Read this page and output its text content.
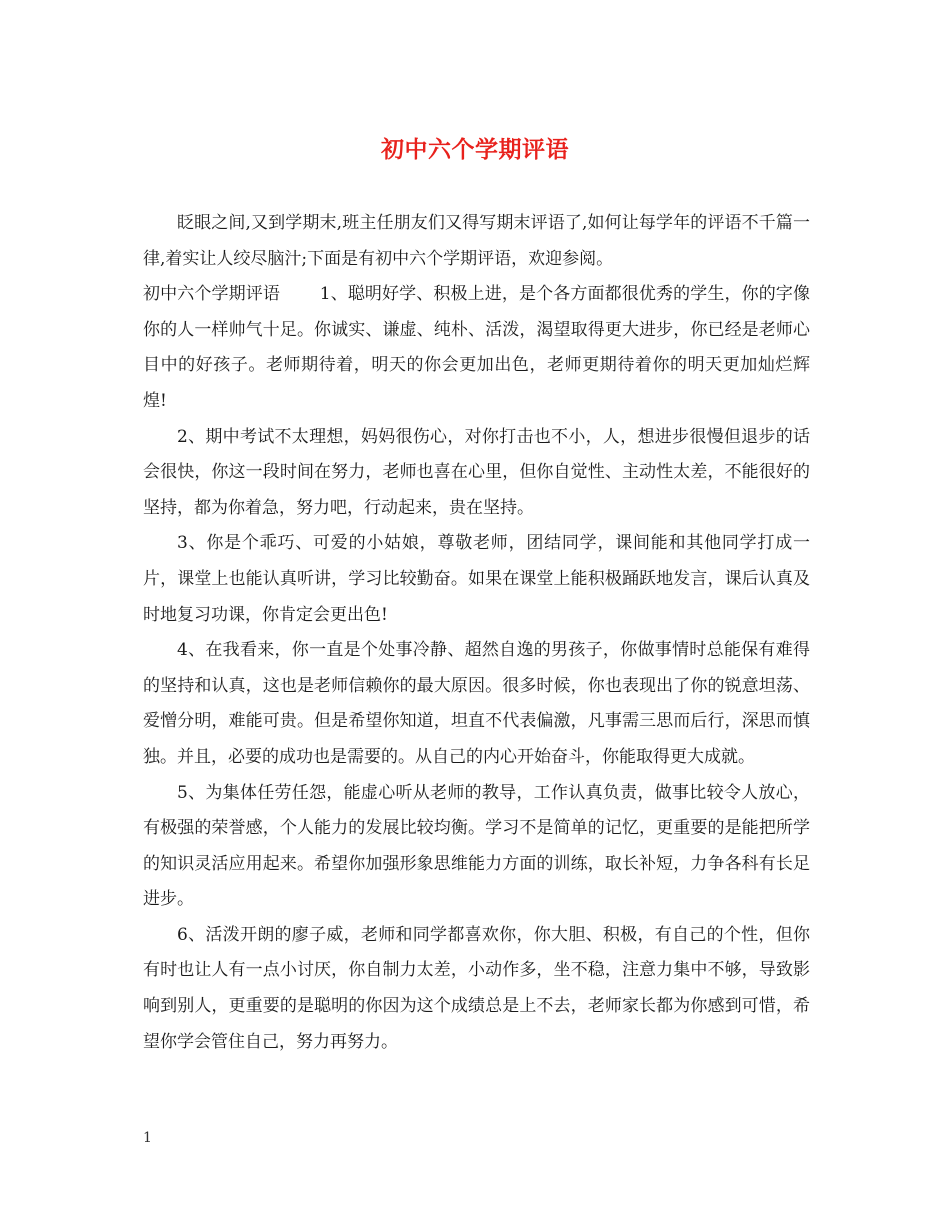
初中六个学期评语

眨眼之间,又到学期末,班主任朋友们又得写期末评语了,如何让每学年的评语不千篇一律,着实让人绞尽脑汁;下面是有初中六个学期评语，欢迎参阅。

初中六个学期评语　　 1、聪明好学、积极上进，是个各方面都很优秀的学生，你的字像你的人一样帅气十足。你诚实、谦虚、纯朴、活泼，渴望取得更大进步，你已经是老师心目中的好孩子。老师期待着，明天的你会更加出色，老师更期待着你的明天更加灿烂辉煌!

2、期中考试不太理想，妈妈很伤心，对你打击也不小，人，想进步很慢但退步的话会很快，你这一段时间在努力，老师也喜在心里，但你自觉性、主动性太差，不能很好的坚持，都为你着急，努力吧，行动起来，贵在坚持。

3、你是个乖巧、可爱的小姑娘，尊敬老师，团结同学，课间能和其他同学打成一片，课堂上也能认真听讲，学习比较勤奋。如果在课堂上能积极踊跃地发言，课后认真及时地复习功课，你肯定会更出色!

4、在我看来，你一直是个处事冷静、超然自逸的男孩子，你做事情时总能保有难得的坚持和认真，这也是老师信赖你的最大原因。很多时候，你也表现出了你的锐意坦荡、爱憎分明，难能可贵。但是希望你知道，坦直不代表偏激，凡事需三思而后行，深思而慎独。并且，必要的成功也是需要的。从自己的内心开始奋斗，你能取得更大成就。

5、为集体任劳任怨，能虚心听从老师的教导，工作认真负责，做事比较令人放心，有极强的荣誉感，个人能力的发展比较均衡。学习不是简单的记忆，更重要的是能把所学的知识灵活应用起来。希望你加强形象思维能力方面的训练，取长补短，力争各科有长足进步。

6、活泼开朗的廖子威，老师和同学都喜欢你，你大胆、积极，有自己的个性，但你有时也让人有一点小讨厌，你自制力太差，小动作多，坐不稳，注意力集中不够，导致影响到别人，更重要的是聪明的你因为这个成绩总是上不去，老师家长都为你感到可惜，希望你学会管住自己，努力再努力。

1
